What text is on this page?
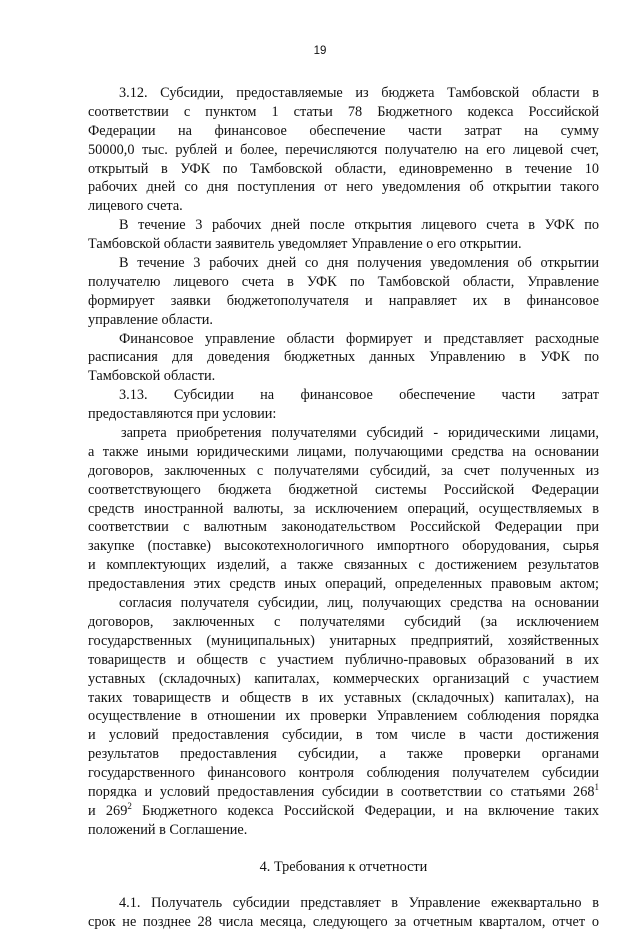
19
3.12. Субсидии, предоставляемые из бюджета Тамбовской области в
соответствии с пунктом 1 статьи 78 Бюджетного кодекса Российской
Федерации на финансовое обеспечение части затрат на сумму
50000,0 тыс. рублей и более, перечисляются получателю на его лицевой счет,
открытый в УФК по Тамбовской области, единовременно в течение 10
рабочих дней со дня поступления от него уведомления об открытии такого
лицевого счета.
В течение 3 рабочих дней после открытия лицевого счета в УФК по
Тамбовской области заявитель уведомляет Управление о его открытии.
В течение 3 рабочих дней со дня получения уведомления об открытии
получателю лицевого счета в УФК по Тамбовской области, Управление
формирует заявки бюджетополучателя и направляет их в финансовое
управление области.
Финансовое управление области формирует и представляет расходные
расписания для доведения бюджетных данных Управлению в УФК по
Тамбовской области.
3.13. Субсидии на финансовое обеспечение части затрат
предоставляются при условии:
запрета приобретения получателями субсидий - юридическими лицами,
а также иными юридическими лицами, получающими средства на основании
договоров, заключенных с получателями субсидий, за счет полученных из
соответствующего бюджета бюджетной системы Российской Федерации
средств иностранной валюты, за исключением операций, осуществляемых в
соответствии с валютным законодательством Российской Федерации при
закупке (поставке) высокотехнологичного импортного оборудования, сырья
и комплектующих изделий, а также связанных с достижением результатов
предоставления этих средств иных операций, определенных правовым актом;
согласия получателя субсидии, лиц, получающих средства на основании
договоров, заключенных с получателями субсидий (за исключением
государственных (муниципальных) унитарных предприятий, хозяйственных
товариществ и обществ с участием публично-правовых образований в их
уставных (складочных) капиталах, коммерческих организаций с участием
таких товариществ и обществ в их уставных (складочных) капиталах), на
осуществление в отношении их проверки Управлением соблюдения порядка
и условий предоставления субсидии, в том числе в части достижения
результатов предоставления субсидии, а также проверки органами
государственного финансового контроля соблюдения получателем субсидии
порядка и условий предоставления субсидии в соответствии со статьями $268^1$
и $269^2$ Бюджетного кодекса Российской Федерации, и на включение таких
положений в Соглашение.
4. Требования к отчетности
4.1. Получатель субсидии представляет в Управление ежеквартально в
срок не позднее 28 числа месяца, следующего за отчетным кварталом, отчет о
